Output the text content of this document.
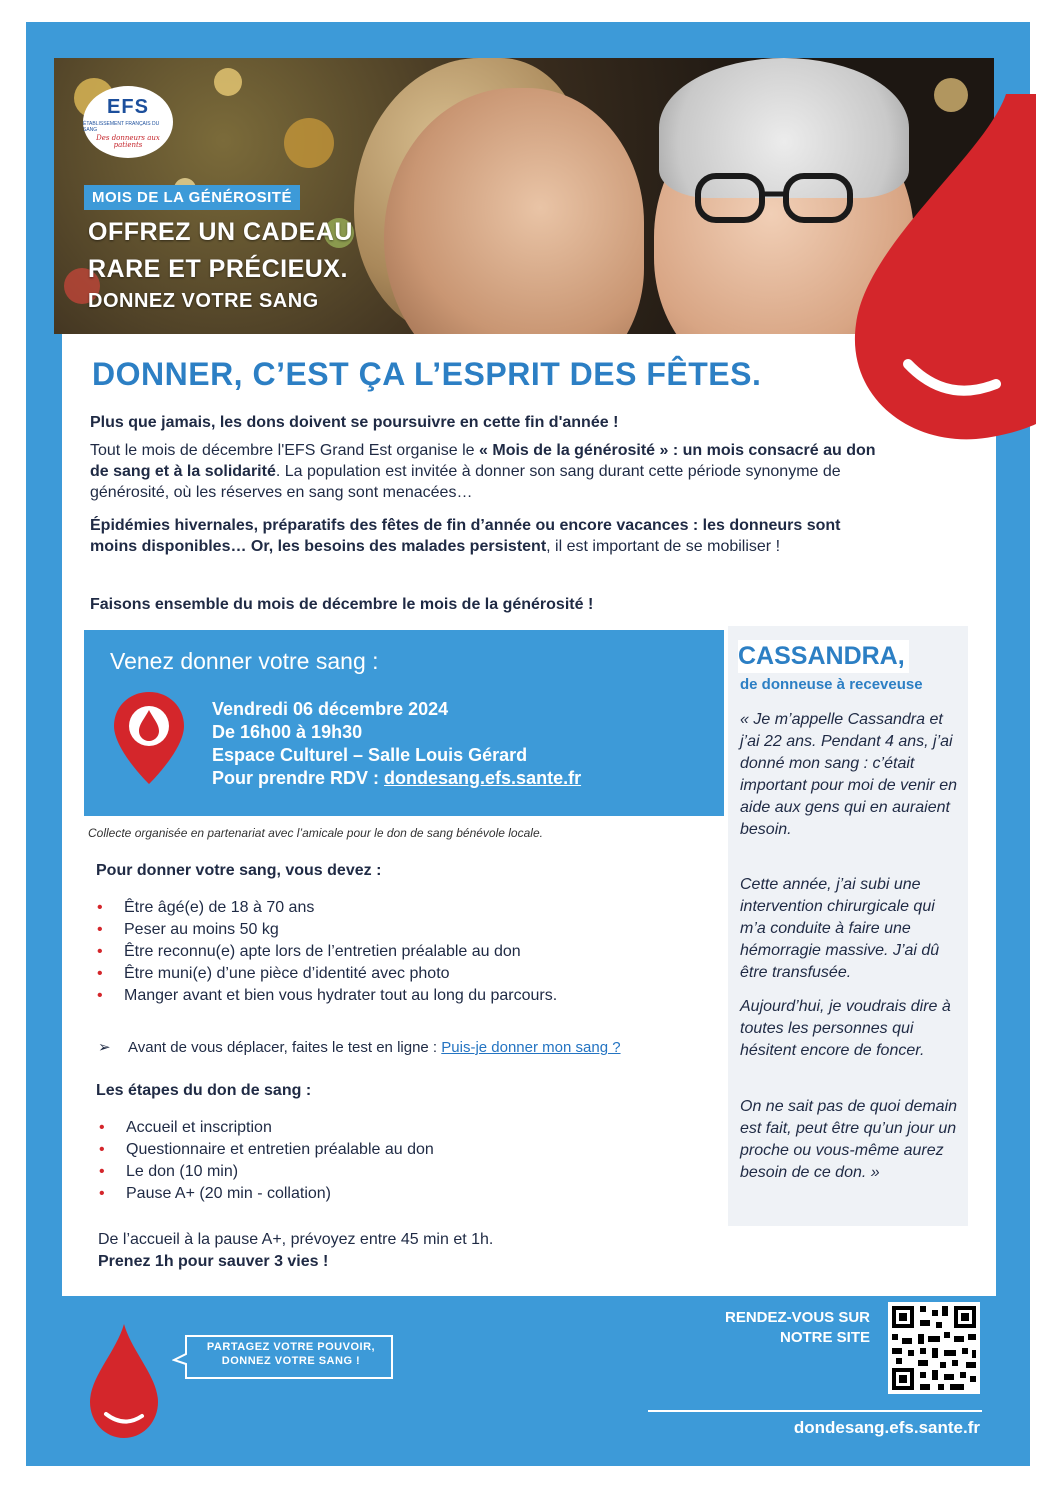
EFS
ÉTABLISSEMENT FRANÇAIS DU SANG
Des donneurs aux patients
MOIS DE LA GÉNÉROSITÉ
OFFREZ UN CADEAU
RARE ET PRÉCIEUX.
DONNEZ VOTRE SANG
DONNER, C’EST ÇA L’ESPRIT DES FÊTES.
Plus que jamais, les dons doivent se poursuivre en cette fin d'année !
Tout le mois de décembre l'EFS Grand Est organise le « Mois de la générosité » : un mois consacré au don de sang et à la solidarité. La population est invitée à donner son sang durant cette période synonyme de générosité, où les réserves en sang sont menacées…
Épidémies hivernales, préparatifs des fêtes de fin d’année ou encore vacances : les donneurs sont moins disponibles… Or, les besoins des malades persistent, il est important de se mobiliser !
Faisons ensemble du mois de décembre le mois de la générosité !
Venez donner votre sang :
Vendredi 06 décembre 2024
De 16h00 à 19h30
Espace Culturel – Salle Louis Gérard
Pour prendre RDV : dondesang.efs.sante.fr
Collecte organisée en partenariat avec l’amicale pour le don de sang bénévole locale.
Pour donner votre sang, vous devez :
• Être âgé(e) de 18 à 70 ans
• Peser au moins 50 kg
• Être reconnu(e) apte lors de l’entretien préalable au don
• Être muni(e) d’une pièce d’identité avec photo
• Manger avant et bien vous hydrater tout au long du parcours.
➢ Avant de vous déplacer, faites le test en ligne : Puis-je donner mon sang ?
Les étapes du don de sang :
• Accueil et inscription
• Questionnaire et entretien préalable au don
• Le don (10 min)
• Pause A+ (20 min - collation)
De l’accueil à la pause A+, prévoyez entre 45 min et 1h.
Prenez 1h pour sauver 3 vies !
CASSANDRA,
de donneuse à receveuse
« Je m’appelle Cassandra et j’ai 22 ans. Pendant 4 ans, j’ai donné mon sang : c’était important pour moi de venir en aide aux gens qui en auraient besoin.
Cette année, j’ai subi une intervention chirurgicale qui m’a conduite à faire une hémorragie massive. J’ai dû être transfusée.
Aujourd’hui, je voudrais dire à toutes les personnes qui hésitent encore de foncer.
On ne sait pas de quoi demain est fait, peut être qu’un jour un proche ou vous-même aurez besoin de ce don. »
PARTAGEZ VOTRE POUVOIR, DONNEZ VOTRE SANG !
RENDEZ-VOUS SUR NOTRE SITE
dondesang.efs.sante.fr
